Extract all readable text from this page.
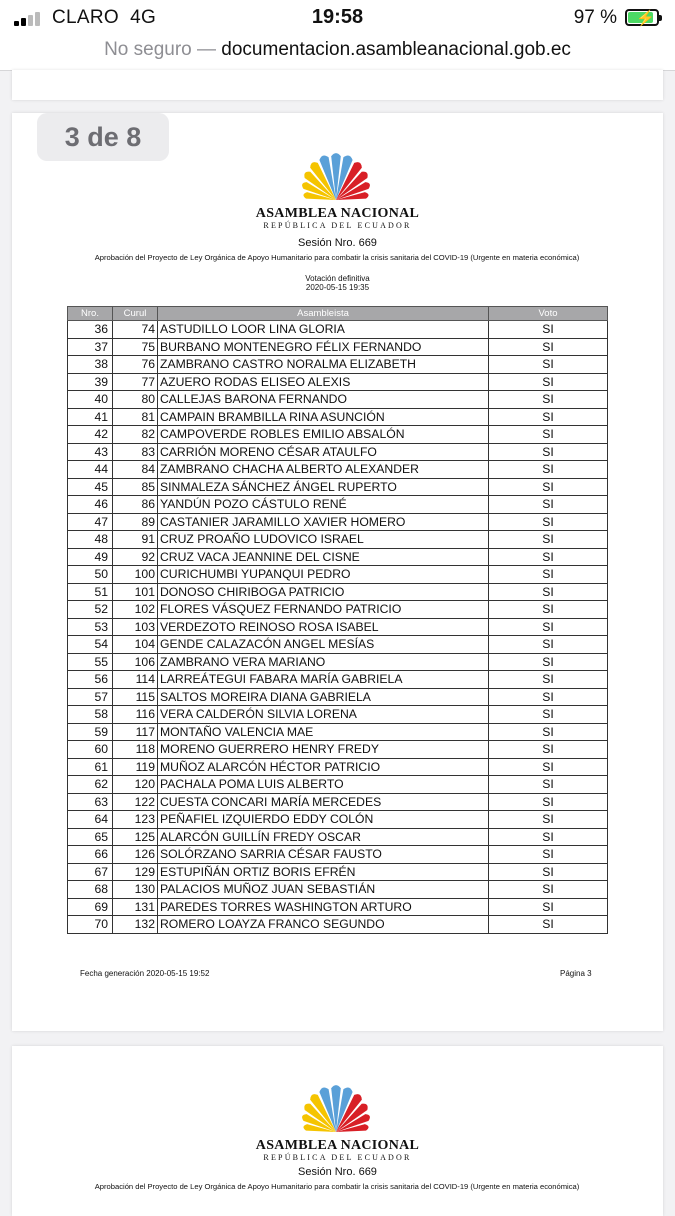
CLARO 4G	19:58	97 % ⚡
No seguro — documentacion.asambleanacional.gob.ec
3 de 8
ASAMBLEA NACIONAL
REPÚBLICA DEL ECUADOR
Sesión Nro. 669
Aprobación del Proyecto de Ley Orgánica de Apoyo Humanitario para combatir la crisis sanitaria del COVID-19 (Urgente en materia económica)
Votación definitiva
2020-05-15 19:35
Nro.	Curul	Asambleista	Voto
36	74	ASTUDILLO LOOR LINA GLORIA	SI
37	75	BURBANO MONTENEGRO FÉLIX FERNANDO	SI
38	76	ZAMBRANO CASTRO NORALMA ELIZABETH	SI
39	77	AZUERO RODAS ELISEO ALEXIS	SI
40	80	CALLEJAS BARONA FERNANDO	SI
41	81	CAMPAIN BRAMBILLA RINA ASUNCIÓN	SI
42	82	CAMPOVERDE ROBLES EMILIO ABSALÓN	SI
43	83	CARRIÓN MORENO CÉSAR ATAULFO	SI
44	84	ZAMBRANO CHACHA ALBERTO ALEXANDER	SI
45	85	SINMALEZA SÁNCHEZ ÁNGEL RUPERTO	SI
46	86	YANDÚN POZO CÁSTULO RENÉ	SI
47	89	CASTANIER JARAMILLO XAVIER HOMERO	SI
48	91	CRUZ PROAÑO LUDOVICO ISRAEL	SI
49	92	CRUZ VACA JEANNINE DEL CISNE	SI
50	100	CURICHUMBI YUPANQUI PEDRO	SI
51	101	DONOSO CHIRIBOGA PATRICIO	SI
52	102	FLORES VÁSQUEZ FERNANDO PATRICIO	SI
53	103	VERDEZOTO REINOSO ROSA ISABEL	SI
54	104	GENDE CALAZACÓN ANGEL MESÍAS	SI
55	106	ZAMBRANO VERA MARIANO	SI
56	114	LARREÁTEGUI FABARA MARÍA GABRIELA	SI
57	115	SALTOS MOREIRA DIANA GABRIELA	SI
58	116	VERA CALDERÓN SILVIA LORENA	SI
59	117	MONTAÑO VALENCIA MAE	SI
60	118	MORENO GUERRERO HENRY FREDY	SI
61	119	MUÑOZ ALARCÓN HÉCTOR PATRICIO	SI
62	120	PACHALA POMA LUIS ALBERTO	SI
63	122	CUESTA CONCARI MARÍA MERCEDES	SI
64	123	PEÑAFIEL IZQUIERDO EDDY COLÓN	SI
65	125	ALARCÓN GUILLÍN FREDY OSCAR	SI
66	126	SOLÓRZANO SARRIA CÉSAR FAUSTO	SI
67	129	ESTUPIÑÁN ORTIZ BORIS EFRÉN	SI
68	130	PALACIOS MUÑOZ JUAN SEBASTIÁN	SI
69	131	PAREDES TORRES WASHINGTON ARTURO	SI
70	132	ROMERO LOAYZA FRANCO SEGUNDO	SI
Fecha generación 2020-05-15 19:52	Página 3
ASAMBLEA NACIONAL
REPÚBLICA DEL ECUADOR
Sesión Nro. 669
Aprobación del Proyecto de Ley Orgánica de Apoyo Humanitario para combatir la crisis sanitaria del COVID-19 (Urgente en materia económica)
